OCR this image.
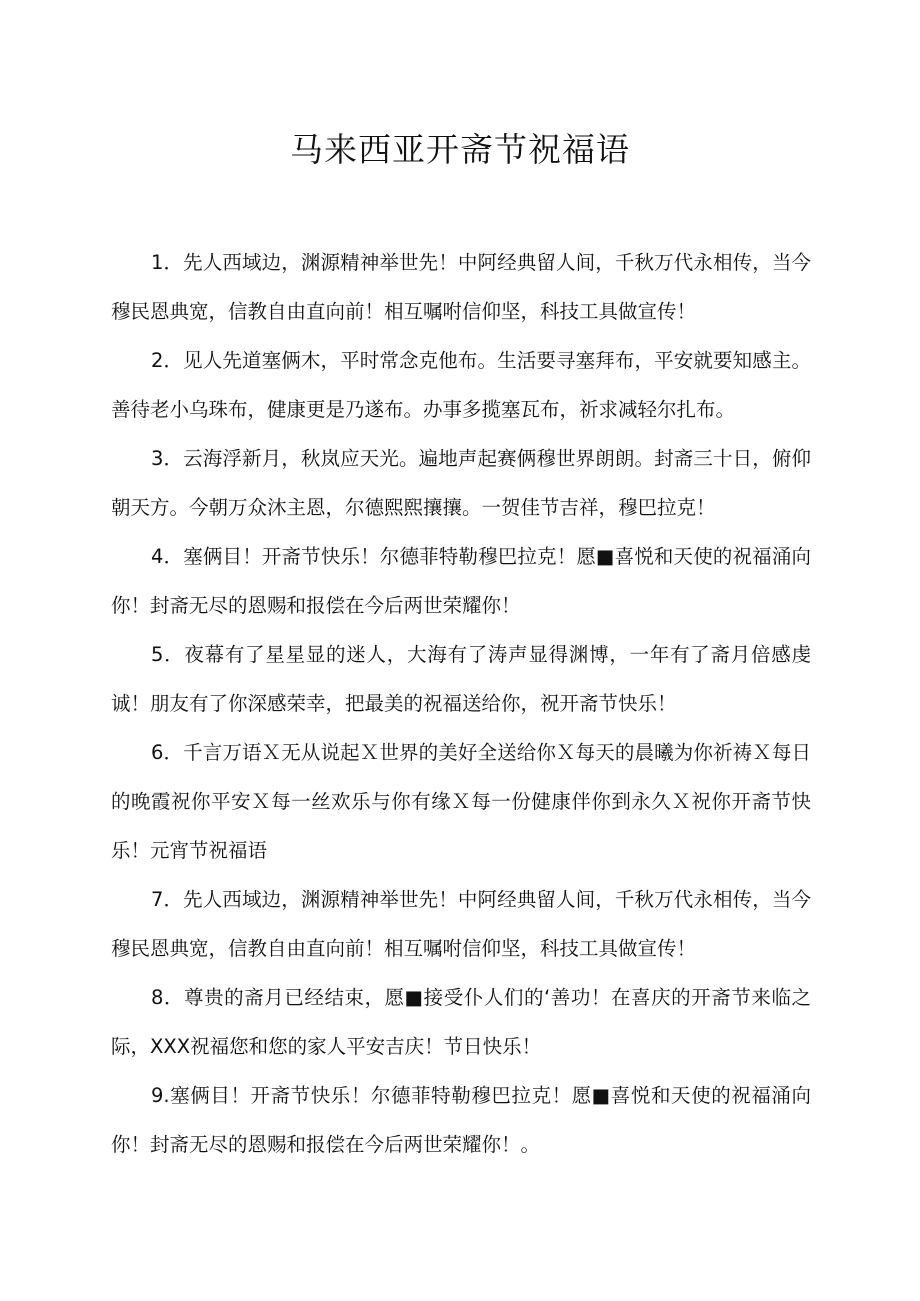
马来西亚开斋节祝福语

1．先人西域边，渊源精神举世先！中阿经典留人间，千秋万代永相传，当今穆民恩典宽，信教自由直向前！相互嘱咐信仰坚，科技工具做宣传！

2．见人先道塞俩木，平时常念克他布。生活要寻塞拜布，平安就要知感主。善待老小乌珠布，健康更是乃遂布。办事多揽塞瓦布，祈求减轻尔扎布。

3．云海浮新月，秋岚应天光。遍地声起赛俩穆世界朗朗。封斋三十日，俯仰朝天方。今朝万众沐主恩，尔德熙熙攘攘。一贺佳节吉祥，穆巴拉克！

4．塞俩目！开斋节快乐！尔德菲特勒穆巴拉克！愿■喜悦和天使的祝福涌向你！封斋无尽的恩赐和报偿在今后两世荣耀你！

5．夜幕有了星星显的迷人，大海有了涛声显得渊博，一年有了斋月倍感虔诚！朋友有了你深感荣幸，把最美的祝福送给你，祝开斋节快乐！

6．千言万语Ｘ无从说起Ｘ世界的美好全送给你Ｘ每天的晨曦为你祈祷Ｘ每日的晚霞祝你平安Ｘ每一丝欢乐与你有缘Ｘ每一份健康伴你到永久Ｘ祝你开斋节快乐！元宵节祝福语

7．先人西域边，渊源精神举世先！中阿经典留人间，千秋万代永相传，当今穆民恩典宽，信教自由直向前！相互嘱咐信仰坚，科技工具做宣传！

8．尊贵的斋月已经结束，愿■接受仆人们的‘善功！在喜庆的开斋节来临之际，XXX祝福您和您的家人平安吉庆！节日快乐！

9.塞俩目！开斋节快乐！尔德菲特勒穆巴拉克！愿■喜悦和天使的祝福涌向你！封斋无尽的恩赐和报偿在今后两世荣耀你！。
